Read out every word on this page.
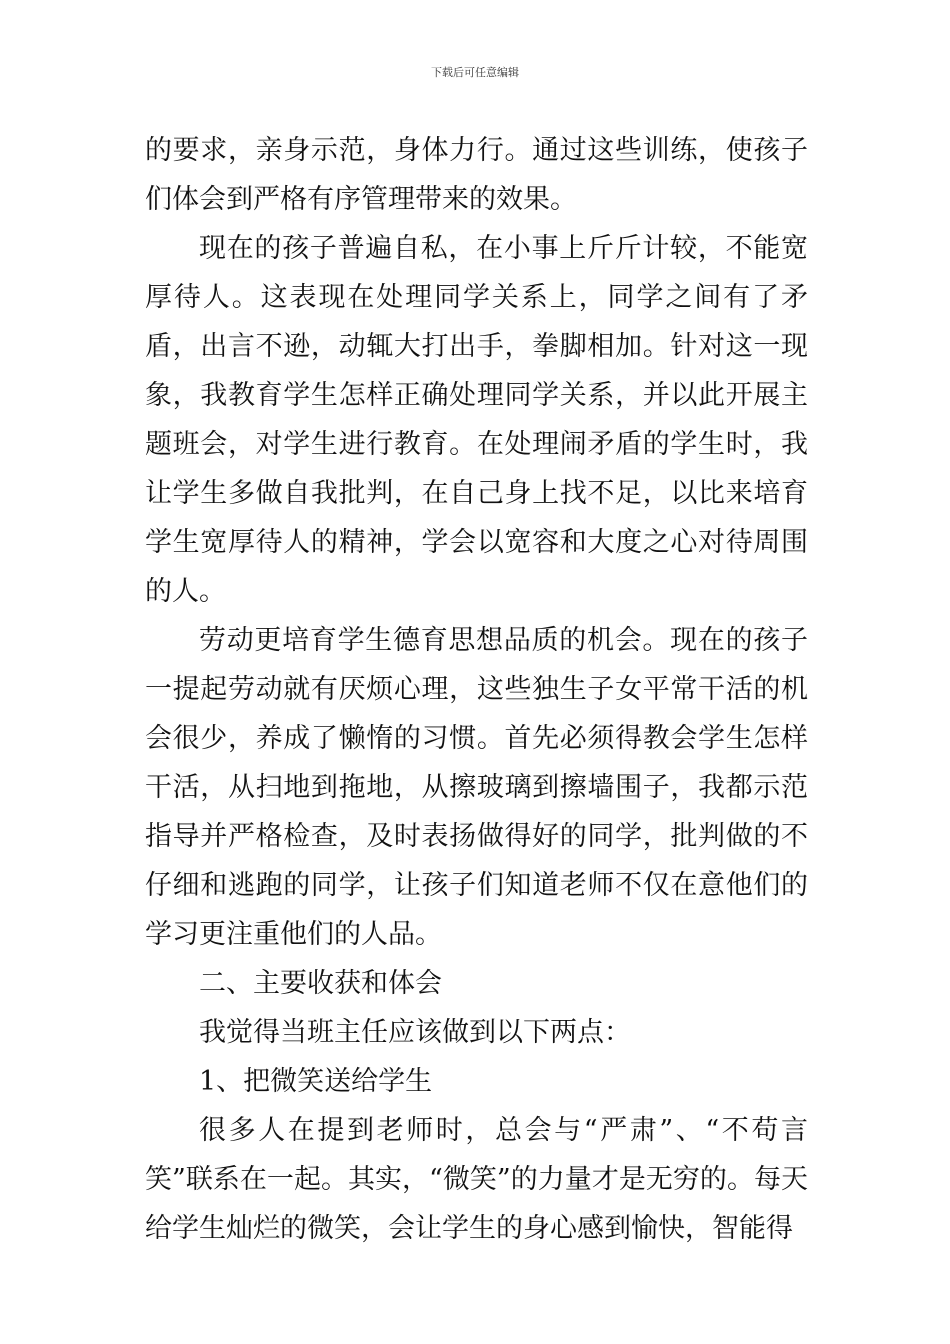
下载后可任意编辑

的要求，亲身示范，身体力行。通过这些训练，使孩子们体会到严格有序管理带来的效果。

现在的孩子普遍自私，在小事上斤斤计较，不能宽厚待人。这表现在处理同学关系上，同学之间有了矛盾，出言不逊，动辄大打出手，拳脚相加。针对这一现象，我教育学生怎样正确处理同学关系，并以此开展主题班会，对学生进行教育。在处理闹矛盾的学生时，我让学生多做自我批判，在自己身上找不足，以比来培育学生宽厚待人的精神，学会以宽容和大度之心对待周围的人。

劳动更培育学生德育思想品质的机会。现在的孩子一提起劳动就有厌烦心理，这些独生子女平常干活的机会很少，养成了懒惰的习惯。首先必须得教会学生怎样干活，从扫地到拖地，从擦玻璃到擦墙围子，我都示范指导并严格检查，及时表扬做得好的同学，批判做的不仔细和逃跑的同学，让孩子们知道老师不仅在意他们的学习更注重他们的人品。

二、主要收获和体会

我觉得当班主任应该做到以下两点：

1、把微笑送给学生

很多人在提到老师时，总会与“严肃”、“不苟言笑”联系在一起。其实，“微笑”的力量才是无穷的。每天给学生灿烂的微笑，会让学生的身心感到愉快，智能得
